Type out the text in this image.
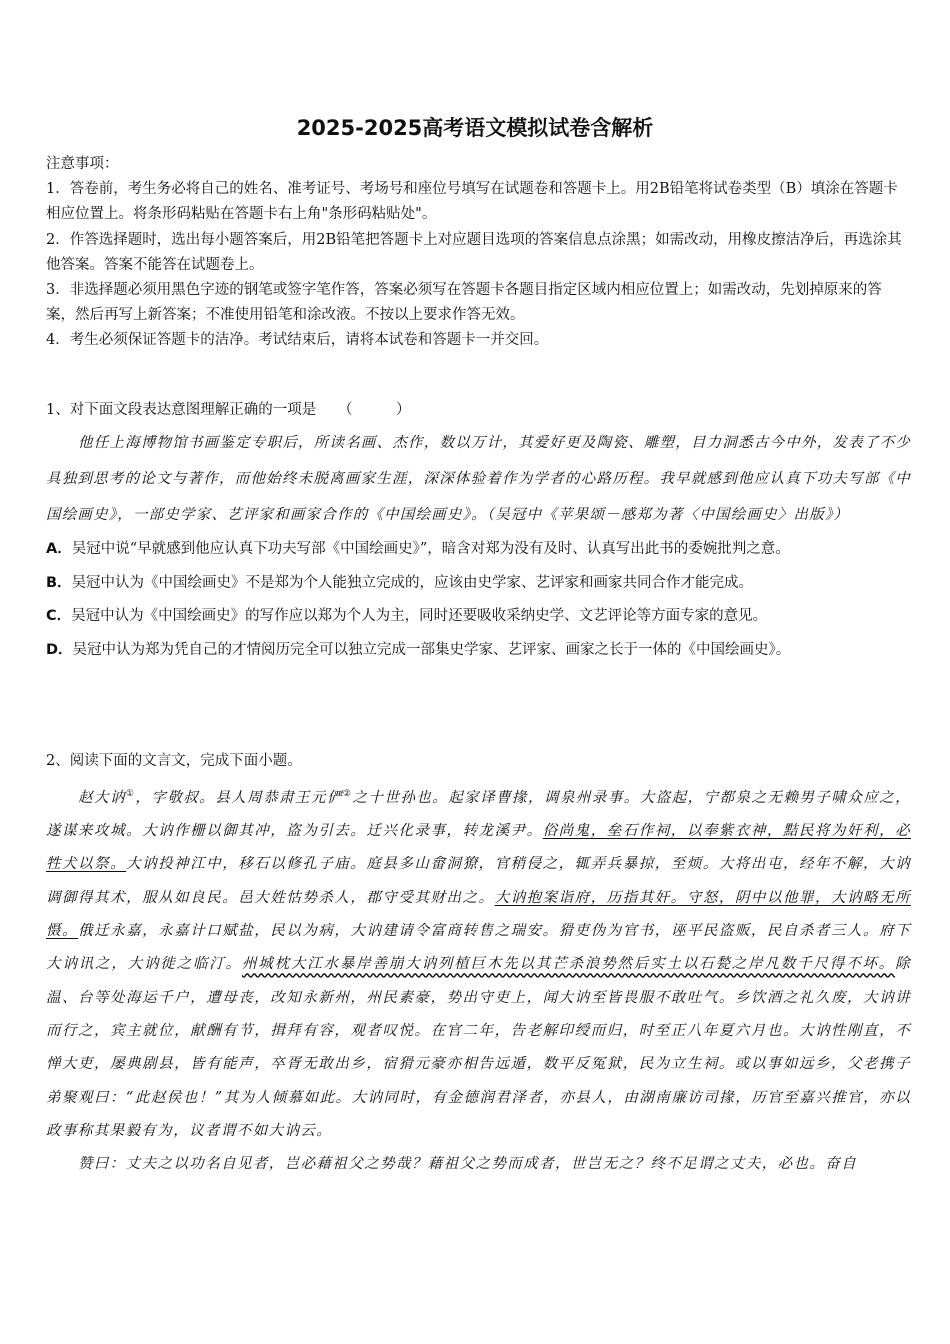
2025-2025高考语文模拟试卷含解析
注意事项：
1．答卷前，考生务必将自己的姓名、准考证号、考场号和座位号填写在试题卷和答题卡上。用2B铅笔将试卷类型（B）填涂在答题卡相应位置上。将条形码粘贴在答题卡右上角"条形码粘贴处"。
2．作答选择题时，选出每小题答案后，用2B铅笔把答题卡上对应题目选项的答案信息点涂黑；如需改动，用橡皮擦洁净后，再选涂其他答案。答案不能答在试题卷上。
3．非选择题必须用黑色字迹的钢笔或签字笔作答，答案必须写在答题卡各题目指定区域内相应位置上；如需改动，先划掉原来的答案，然后再写上新答案；不准使用铅笔和涂改液。不按以上要求作答无效。
4．考生必须保证答题卡的洁净。考试结束后，请将本试卷和答题卡一并交回。
1、对下面文段表达意图理解正确的一项是　　（　　　）

他任上海博物馆书画鉴定专职后，所读名画、杰作，数以万计，其爱好更及陶瓷、雕塑，目力洞悉古今中外，发表了不少具独到思考的论文与著作，而他始终未脱离画家生涯，深深体验着作为学者的心路历程。我早就感到他应认真下功夫写部《中国绘画史》，一部史学家、艺评家和画家合作的《中国绘画史》。（吴冠中《苹果颂－感郑为著〈中国绘画史〉出版》）

A．吴冠中说“早就感到他应认真下功夫写部《中国绘画史》”，暗含对郑为没有及时、认真写出此书的委婉批判之意。
B．吴冠中认为《中国绘画史》不是郑为个人能独立完成的，应该由史学家、艺评家和画家共同合作才能完成。
C．吴冠中认为《中国绘画史》的写作应以郑为个人为主，同时还要吸收采纳史学、文艺评论等方面专家的意见。
D．吴冠中认为郑为凭自己的才情阅历完全可以独立完成一部集史学家、艺评家、画家之长于一体的《中国绘画史》。
2、阅读下面的文言文，完成下面小题。

赵大讷①，字敬叔。县人周恭肃王元俨②之十世孙也。起家译曹掾，调泉州录事。大盗起，宁都泉之无赖男子啸众应之，遂谋来攻城。大讷作栅以御其冲，盗为引去。迁兴化录事，转龙溪尹。俗尚鬼，垒石作祠，以奉紫衣神，黠民将为奸利，必牲犬以祭。大讷投神江中，移石以修孔子庙。庭县多山畲洞獠，官稍侵之，辄弄兵暴掠，至烦。大将出屯，经年不解，大讷调御得其术，服从如良民。邑大姓怙势杀人，郡守受其财出之。大讷抱案诣府，历指其奸。守怒，阴中以他罪，大讷略无所慑。俄迁永嘉，永嘉计口赋盐，民以为病，大讷建请令富商转售之瑞安。猾吏伪为官书，诬平民盗贩，民自杀者三人。府下大讷讯之，大讷徙之临汀。州城枕大江水暴岸善崩大讷列植巨木先以其芒杀浪势然后实土以石甃之岸凡数千尺得不坏。除温、台等处海运千户，遭母丧，改知永新州，州民素豪，势出守吏上，闻大讷至皆畏服不敢吐气。乡饮酒之礼久废，大讷讲而行之，宾主就位，献酬有节，揖拜有容，观者叹悦。在官二年，告老解印绶而归，时至正八年夏六月也。大讷性刚直，不惮大吏，屡典剧县，皆有能声，卒胥无敢出乡，宿猾元豪亦相告远遁，数平反冤狱，民为立生祠。或以事如远乡，父老携子弟聚观曰：“此赵侯也！”其为人倾慕如此。大讷同时，有金德润君泽者，亦县人，由湖南廉访司掾，历官至嘉兴推官，亦以政事称其果毅有为，议者谓不如大讷云。

赞曰：丈夫之以功名自见者，岂必藉祖父之势哉？藉祖父之势而成者，世岂无之？终不足谓之丈夫，必也。奋自
